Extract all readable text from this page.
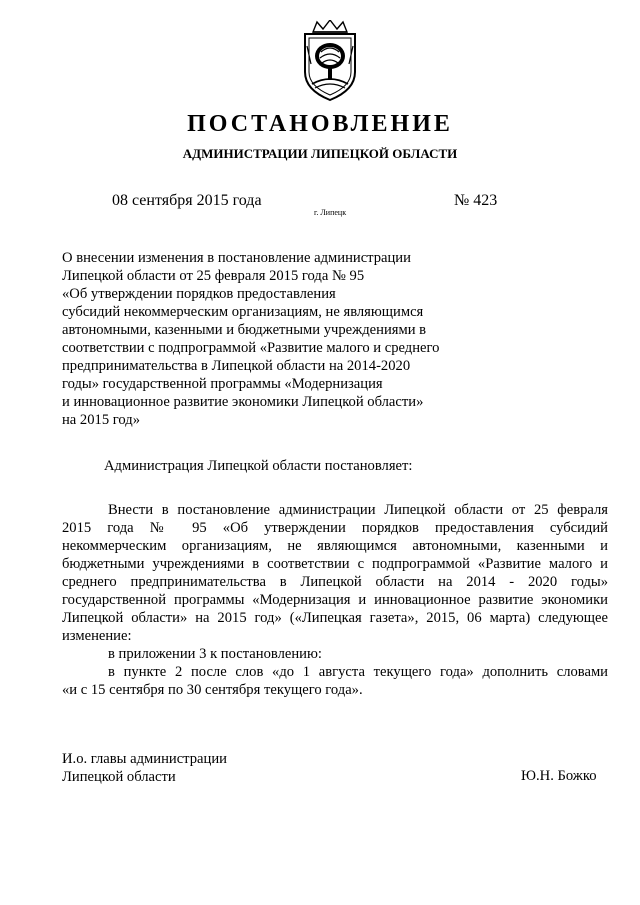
ПОСТАНОВЛЕНИЕ
АДМИНИСТРАЦИИ ЛИПЕЦКОЙ ОБЛАСТИ
08 сентября 2015 года
г. Липецк
№ 423
О внесении изменения в постановление администрации
Липецкой области от 25 февраля 2015 года № 95
«Об утверждении порядков предоставления
субсидий некоммерческим организациям, не являющимся
автономными, казенными и бюджетными учреждениями в
соответствии с подпрограммой «Развитие малого и среднего
предпринимательства в Липецкой области на 2014-2020
годы» государственной программы «Модернизация
и инновационное развитие экономики Липецкой области»
на 2015 год»
Администрация Липецкой области постановляет:
Внести в постановление администрации Липецкой области от 25 февраля
2015 года № 95 «Об утверждении порядков предоставления субсидий
некоммерческим организациям, не являющимся автономными, казенными и
бюджетными учреждениями в соответствии с подпрограммой «Развитие малого и
среднего предпринимательства в Липецкой области на 2014 - 2020 годы»
государственной программы «Модернизация и инновационное развитие экономики
Липецкой области» на 2015 год» («Липецкая газета», 2015, 06 марта) следующее
изменение:
в приложении 3 к постановлению:
в пункте 2 после слов «до 1 августа текущего года» дополнить словами
«и с 15 сентября по 30 сентября текущего года».
И.о. главы администрации
Липецкой области	Ю.Н. Божко
